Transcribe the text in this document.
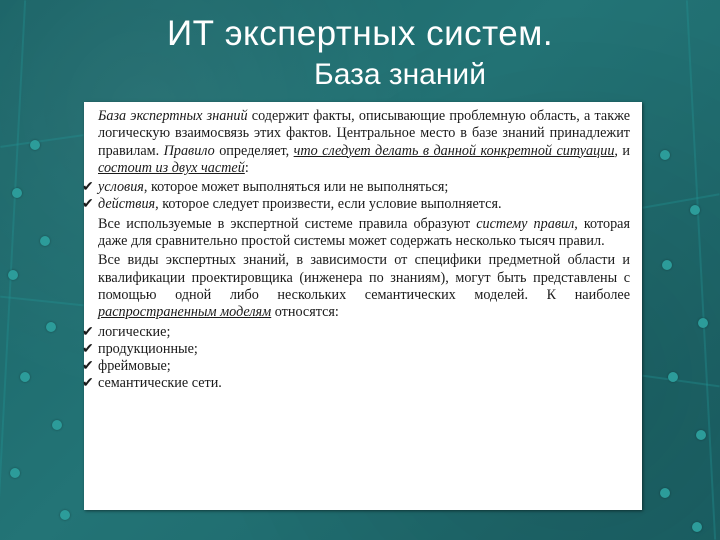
ИТ экспертных систем.
База знаний

База экспертных знаний содержит факты, описывающие проблемную область, а также логическую взаимосвязь этих фактов. Центральное место в базе знаний принадлежит правилам. Правило определяет, что следует делать в данной конкретной ситуации, и состоит из двух частей:

✔ условия, которое может выполняться или не выполняться;
✔ действия, которое следует произвести, если условие выполняется.

Все используемые в экспертной системе правила образуют систему правил, которая даже для сравнительно простой системы может содержать несколько тысяч правил.

Все виды экспертных знаний, в зависимости от специфики предметной области и квалификации проектировщика (инженера по знаниям), могут быть представлены с помощью одной либо нескольких семантических моделей. К наиболее распространенным моделям относятся:

✔ логические;
✔ продукционные;
✔ фреймовые;
✔ семантические сети.
